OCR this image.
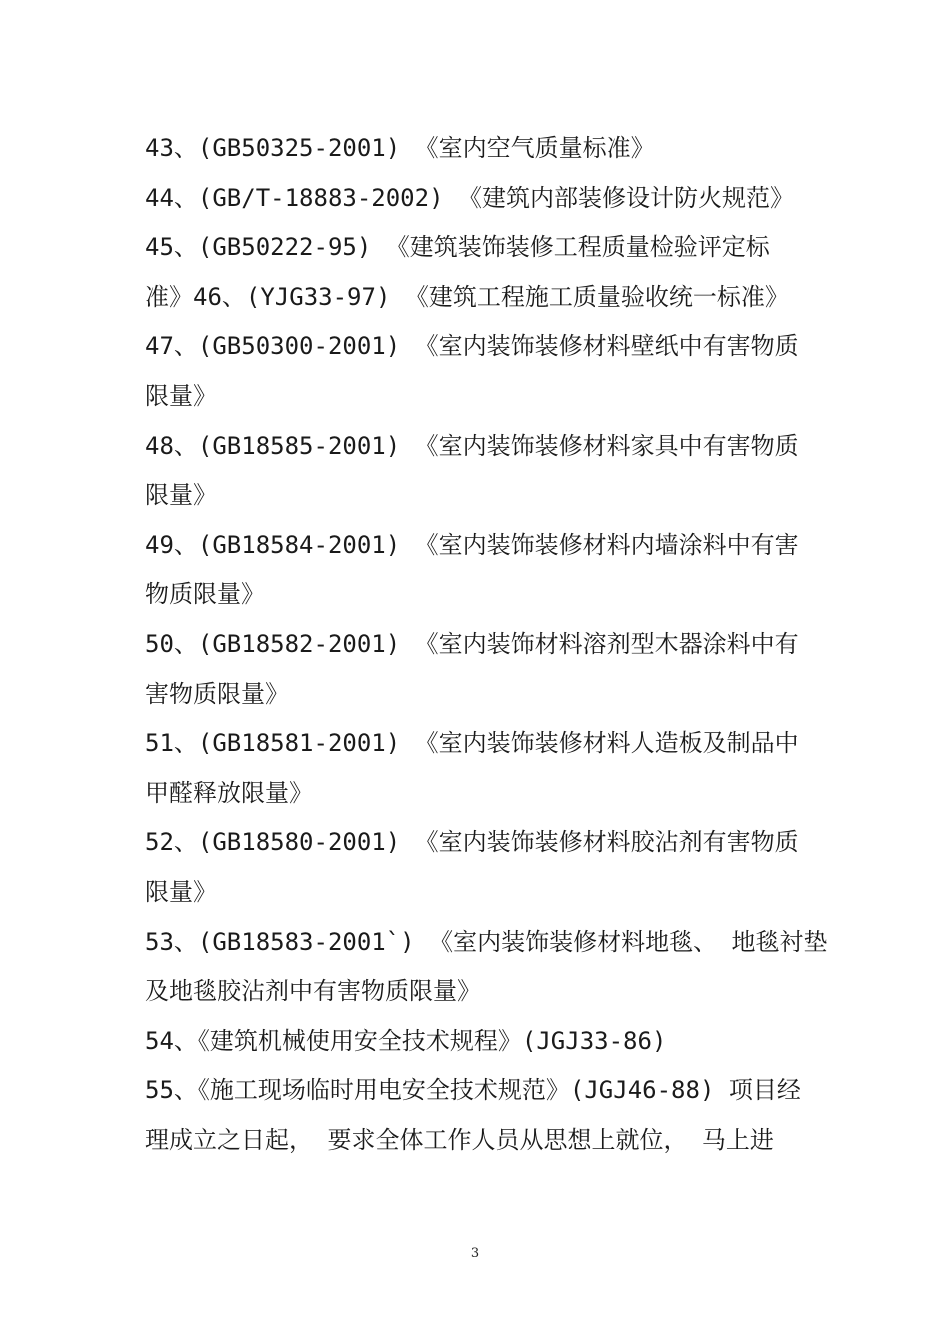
43、(GB50325-2001) 《室内空气质量标准》
44、(GB/T-18883-2002) 《建筑内部装修设计防火规范》
45、(GB50222-95) 《建筑装饰装修工程质量检验评定标
准》46、(YJG33-97) 《建筑工程施工质量验收统一标准》
47、(GB50300-2001) 《室内装饰装修材料壁纸中有害物质
限量》
48、(GB18585-2001) 《室内装饰装修材料家具中有害物质
限量》
49、(GB18584-2001) 《室内装饰装修材料内墙涂料中有害
物质限量》
50、(GB18582-2001) 《室内装饰材料溶剂型木器涂料中有
害物质限量》
51、(GB18581-2001) 《室内装饰装修材料人造板及制品中
甲醛释放限量》
52、(GB18580-2001) 《室内装饰装修材料胶沾剂有害物质
限量》
53、(GB18583-2001`) 《室内装饰装修材料地毯、 地毯衬垫
及地毯胶沾剂中有害物质限量》
54、《建筑机械使用安全技术规程》(JGJ33-86)
55、《施工现场临时用电安全技术规范》(JGJ46-88) 项目经
理成立之日起， 要求全体工作人员从思想上就位， 马上进
3
